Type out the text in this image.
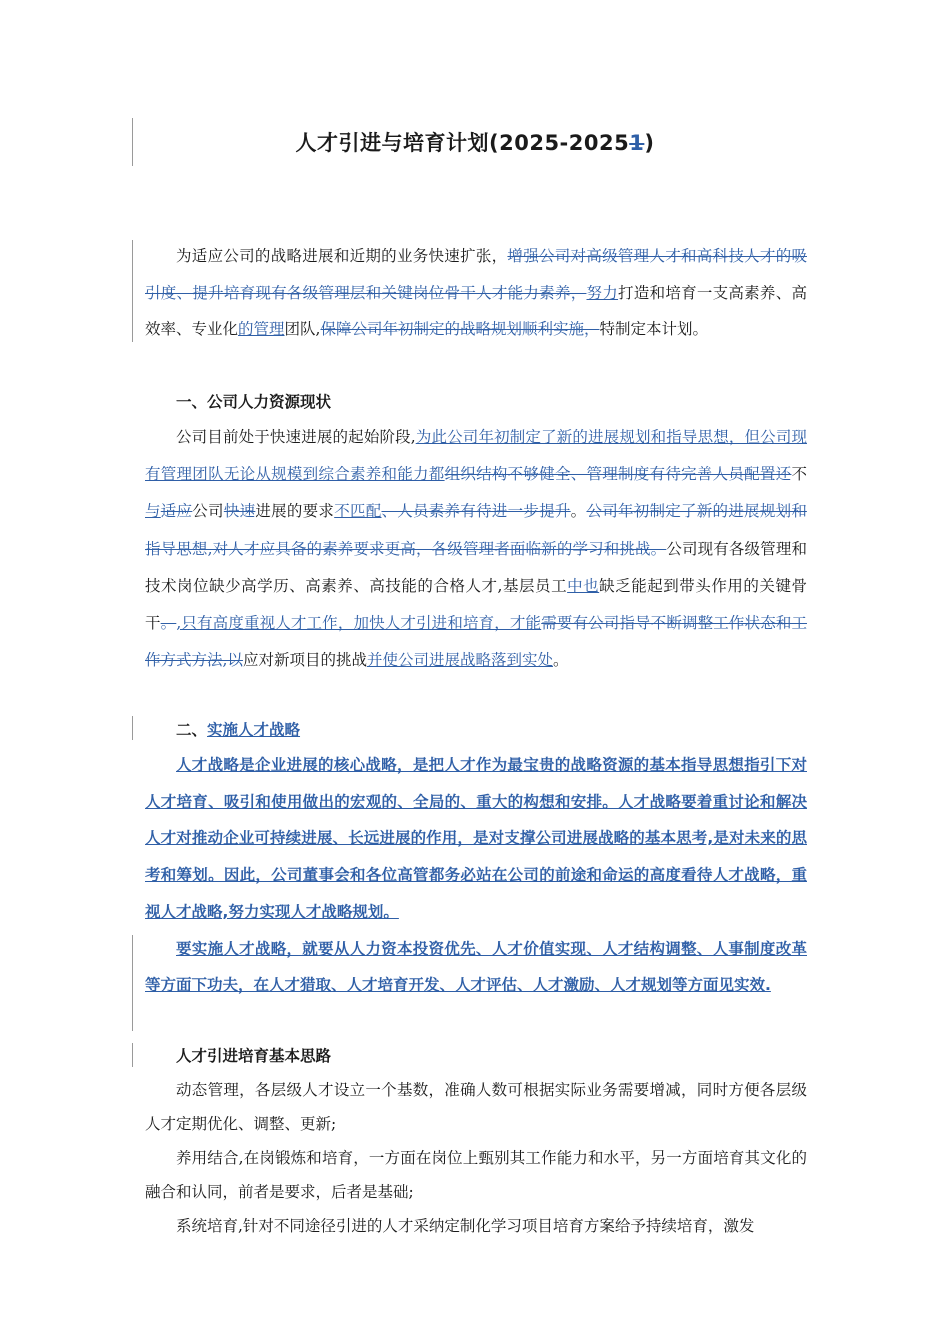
人才引进与培育计划(2025-20251)

为适应公司的战略进展和近期的业务快速扩张，增强公司对高级管理人才和高科技人才的吸引度、提升培育现有各级管理层和关键岗位骨干人才能力素养，努力打造和培育一支高素养、高效率、专业化的管理团队,保障公司年初制定的战略规划顺利实施，特制定本计划。

一、公司人力资源现状

公司目前处于快速进展的起始阶段,为此公司年初制定了新的进展规划和指导思想，但公司现有管理团队无论从规模到综合素养和能力都组织结构不够健全、管理制度有待完善人员配置还不与适应公司快速进展的要求不匹配、人员素养有待进一步提升。公司年初制定了新的进展规划和指导思想,对人才应具备的素养要求更高，各级管理者面临新的学习和挑战。公司现有各级管理和技术岗位缺少高学历、高素养、高技能的合格人才,基层员工中也缺乏能起到带头作用的关键骨干。,只有高度重视人才工作，加快人才引进和培育，才能需要有公司指导不断调整工作状态和工作方式方法,以应对新项目的挑战并使公司进展战略落到实处。

二、实施人才战略

人才战略是企业进展的核心战略，是把人才作为最宝贵的战略资源的基本指导思想指引下对人才培育、吸引和使用做出的宏观的、全局的、重大的构想和安排。人才战略要着重讨论和解决人才对推动企业可持续进展、长远进展的作用，是对支撑公司进展战略的基本思考,是对未来的思考和筹划。因此，公司董事会和各位高管都务必站在公司的前途和命运的高度看待人才战略，重视人才战略,努力实现人才战略规划。

要实施人才战略，就要从人力资本投资优先、人才价值实现、人才结构调整、人事制度改革等方面下功夫，在人才猎取、人才培育开发、人才评估、人才激励、人才规划等方面见实效.

人才引进培育基本思路

动态管理，各层级人才设立一个基数，准确人数可根据实际业务需要增减，同时方便各层级人才定期优化、调整、更新;

养用结合,在岗锻炼和培育，一方面在岗位上甄别其工作能力和水平，另一方面培育其文化的融合和认同，前者是要求，后者是基础;

系统培育,针对不同途径引进的人才采纳定制化学习项目培育方案给予持续培育，激发
